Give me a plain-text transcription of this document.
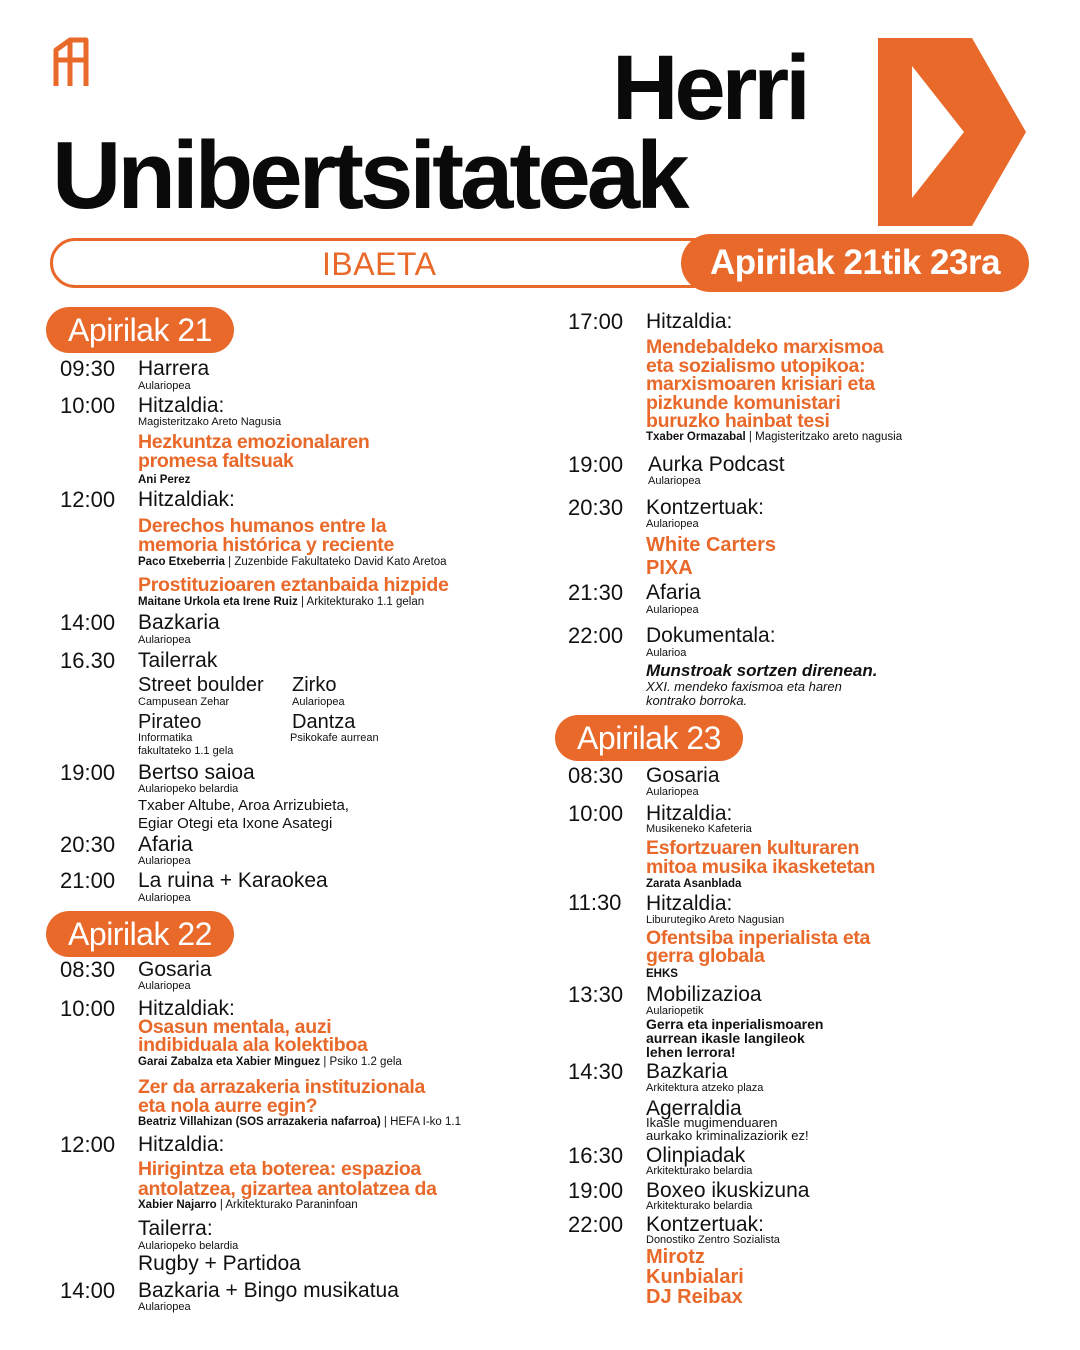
Herri
Unibertsitateak
IBAETA	Apirilak 21tik 23ra
Apirilak 21
09:30 Harrera
Aulariopea
10:00 Hitzaldia:
Magisteritzako Areto Nagusia
Hezkuntza emozionalaren
promesa faltsuak
Ani Perez
12:00 Hitzaldiak:
Derechos humanos entre la
memoria histórica y reciente
Paco Etxeberria | Zuzenbide Fakultateko David Kato Aretoa
Prostituzioaren eztanbaida hizpide
Maitane Urkola eta Irene Ruiz | Arkitekturako 1.1 gelan
14:00 Bazkaria
Aulariopea
16.30 Tailerrak
Street boulder
Campusean Zehar
Zirko
Aulariopea
Pirateo
Informatika
fakultateko 1.1 gela
Dantza
Psikokafe aurrean
19:00 Bertso saioa
Aulariopeko belardia
Txaber Altube, Aroa Arrizubieta,
Egiar Otegi eta Ixone Asategi
20:30 Afaria
Aulariopea
21:00 La ruina + Karaokea
Aulariopea
Apirilak 22
08:30 Gosaria
Aulariopea
10:00 Hitzaldiak:
Osasun mentala, auzi
indibiduala ala kolektiboa
Garai Zabalza eta Xabier Minguez | Psiko 1.2 gela
Zer da arrazakeria instituzionala
eta nola aurre egin?
Beatriz Villahizan (SOS arrazakeria nafarroa) | HEFA I-ko 1.1
12:00 Hitzaldia:
Hirigintza eta boterea: espazioa
antolatzea, gizartea antolatzea da
Xabier Najarro | Arkitekturako Paraninfoan
Tailerra:
Aulariopeko belardia
Rugby + Partidoa
14:00 Bazkaria + Bingo musikatua
Aulariopea
17:00 Hitzaldia:
Mendebaldeko marxismoa
eta sozialismo utopikoa:
marxismoaren krisiari eta
pizkunde komunistari
buruzko hainbat tesi
Txaber Ormazabal | Magisteritzako areto nagusia
19:00 Aurka Podcast
Aulariopea
20:30 Kontzertuak:
Aulariopea
White Carters
PIXA
21:30 Afaria
Aulariopea
22:00 Dokumentala:
Aularioa
Munstroak sortzen direnean.
XXI. mendeko faxismoa eta haren
kontrako borroka.
Apirilak 23
08:30 Gosaria
Aulariopea
10:00 Hitzaldia:
Musikeneko Kafeteria
Esfortzuaren kulturaren
mitoa musika ikasketetan
Zarata Asanblada
11:30 Hitzaldia:
Liburutegiko Areto Nagusian
Ofentsiba inperialista eta
gerra globala
EHKS
13:30 Mobilizazioa
Aulariopetik
Gerra eta inperialismoaren
aurrean ikasle langileok
lehen lerrora!
14:30 Bazkaria
Arkitektura atzeko plaza
Agerraldia
Ikasle mugimenduaren
aurkako kriminalizaziorik ez!
16:30 Olinpiadak
Arkitekturako belardia
19:00 Boxeo ikuskizuna
Arkitekturako belardia
22:00 Kontzertuak:
Donostiko Zentro Sozialista
Mirotz
Kunbialari
DJ Reibax
